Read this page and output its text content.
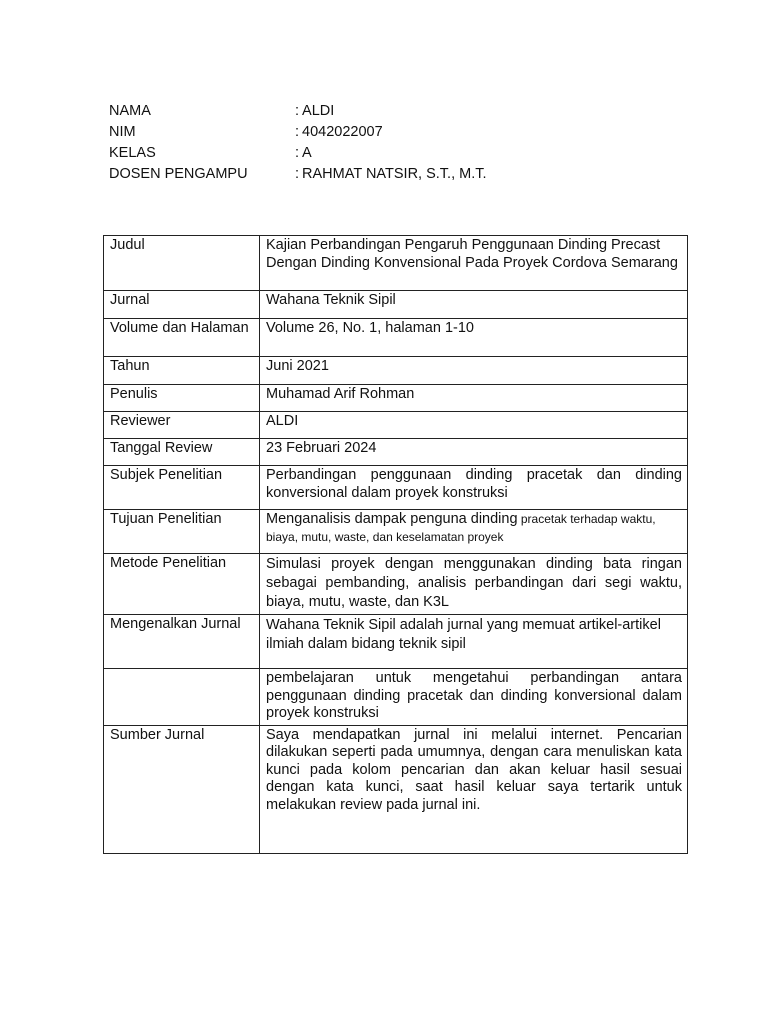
NAMA	: ALDI
NIM	: 4042022007
KELAS	: A
DOSEN PENGAMPU	: RAHMAT NATSIR, S.T., M.T.
Judul	Kajian Perbandingan Pengaruh Penggunaan Dinding Precast Dengan Dinding Konvensional Pada Proyek Cordova Semarang
Jurnal	Wahana Teknik Sipil
Volume dan Halaman	Volume 26, No. 1, halaman 1-10
Tahun	Juni 2021
Penulis	Muhamad Arif Rohman
Reviewer	ALDI
Tanggal Review	23 Februari 2024
Subjek Penelitian	Perbandingan penggunaan dinding pracetak dan dinding konversional dalam proyek konstruksi
Tujuan Penelitian	Menganalisis dampak penguna dinding pracetak terhadap waktu, biaya, mutu, waste, dan keselamatan proyek
Metode Penelitian	Simulasi proyek dengan menggunakan dinding bata ringan sebagai pembanding, analisis perbandingan dari segi waktu, biaya, mutu, waste, dan K3L
Mengenalkan Jurnal	Wahana Teknik Sipil adalah jurnal yang memuat artikel-artikel ilmiah dalam bidang teknik sipil
	pembelajaran untuk mengetahui perbandingan antara penggunaan dinding pracetak dan dinding konversional dalam proyek konstruksi
Sumber Jurnal	Saya mendapatkan jurnal ini melalui internet. Pencarian dilakukan seperti pada umumnya, dengan cara menuliskan kata kunci pada kolom pencarian dan akan keluar hasil sesuai dengan kata kunci, saat hasil keluar saya tertarik untuk melakukan review pada jurnal ini.
